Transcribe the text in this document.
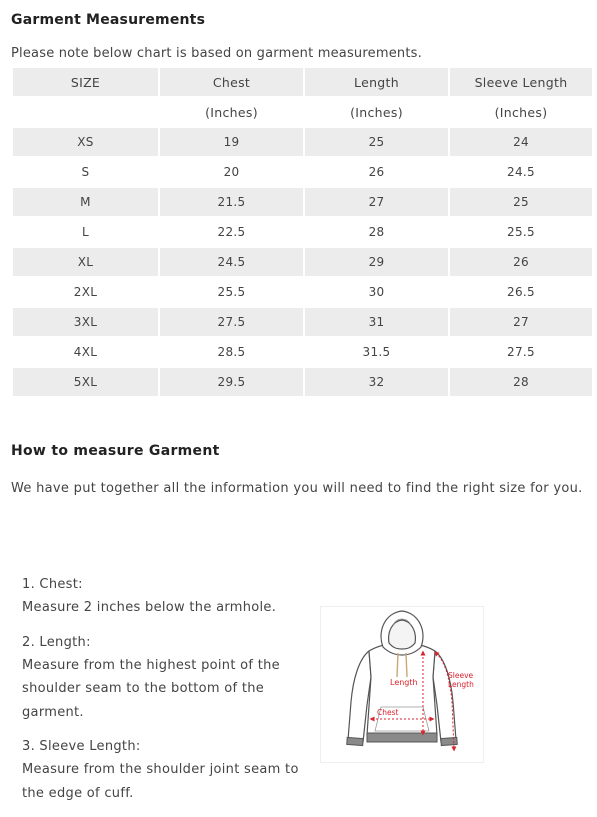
Garment Measurements
Please note below chart is based on garment measurements.
SIZE	Chest	Length	Sleeve Length
	(Inches)	(Inches)	(Inches)
XS	19	25	24
S	20	26	24.5
M	21.5	27	25
L	22.5	28	25.5
XL	24.5	29	26
2XL	25.5	30	26.5
3XL	27.5	31	27
4XL	28.5	31.5	27.5
5XL	29.5	32	28
How to measure Garment
We have put together all the information you will need to find the right size for you.
1. Chest:
Measure 2 inches below the armhole.
2. Length:
Measure from the highest point of the shoulder seam to the bottom of the garment.
3. Sleeve Length:
Measure from the shoulder joint seam to the edge of cuff.
Length
Chest
Sleeve
Length
